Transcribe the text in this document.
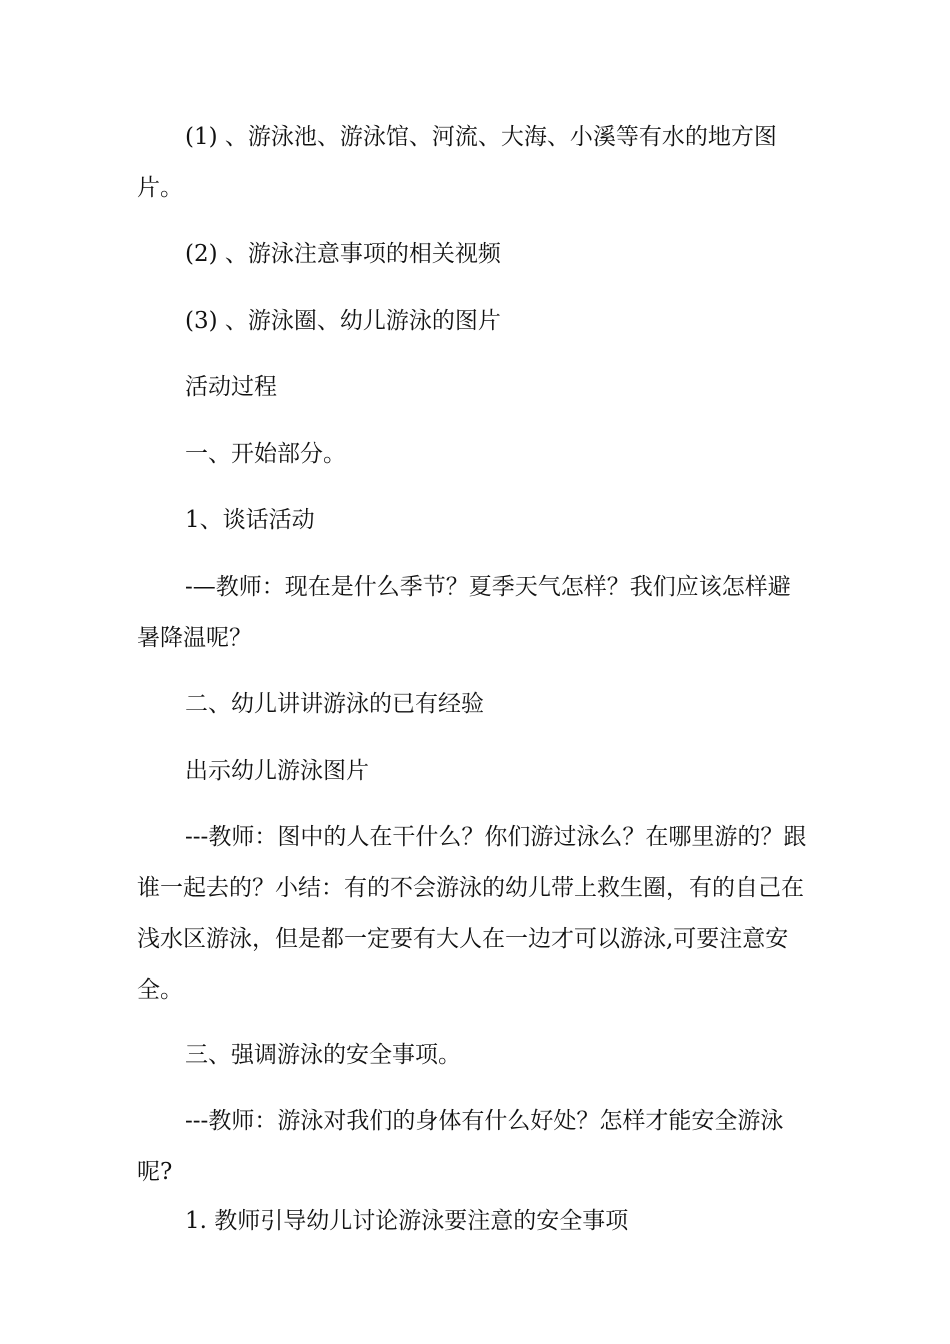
(1) 、游泳池、游泳馆、河流、大海、小溪等有水的地方图片。

(2) 、游泳注意事项的相关视频

(3) 、游泳圈、幼儿游泳的图片

活动过程

一、开始部分。

1、谈话活动

-—教师：现在是什么季节？夏季天气怎样？我们应该怎样避暑降温呢？

二、幼儿讲讲游泳的已有经验

出示幼儿游泳图片

---教师：图中的人在干什么？你们游过泳么？在哪里游的？跟谁一起去的？小结：有的不会游泳的幼儿带上救生圈，有的自己在浅水区游泳，但是都一定要有大人在一边才可以游泳,可要注意安全。

三、强调游泳的安全事项。

---教师：游泳对我们的身体有什么好处？怎样才能安全游泳呢?

1. 教师引导幼儿讨论游泳要注意的安全事项
